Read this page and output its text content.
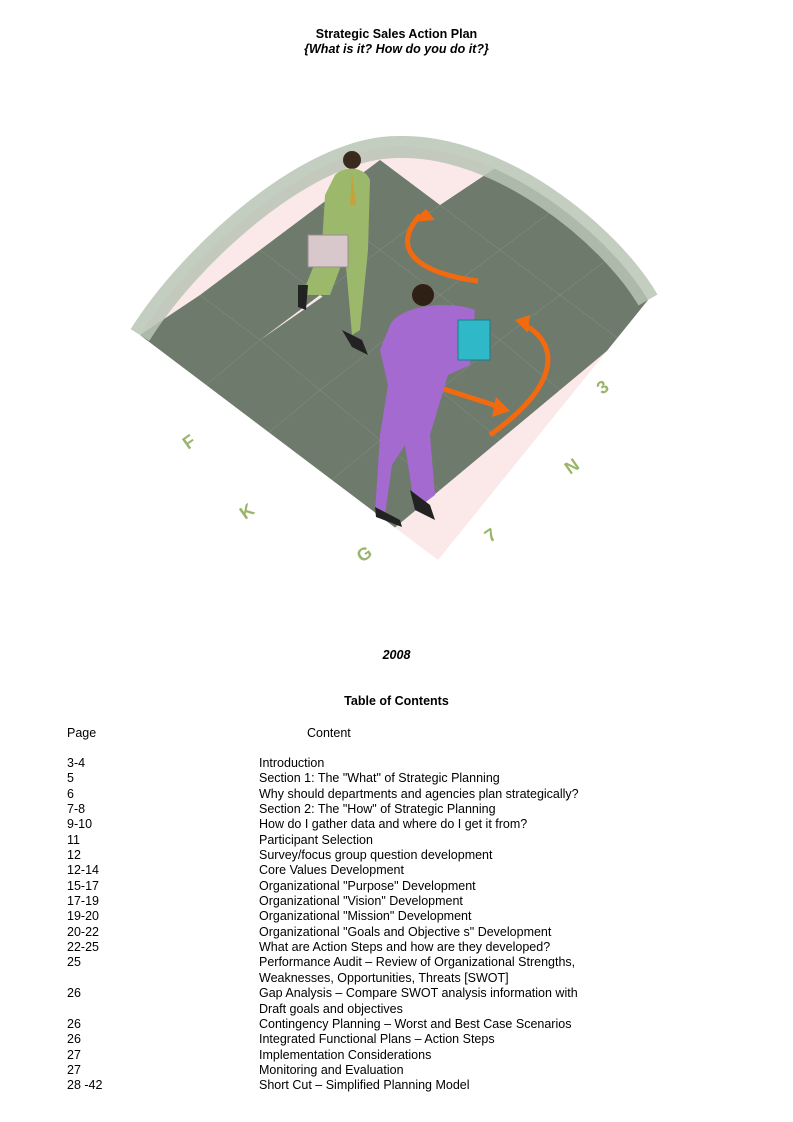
Strategic Sales Action Plan
{What is it? How do you do it?}
F
K
G
7
N
3
2008
Table of Contents
Page	Content
3-4	Introduction
5	Section 1: The "What" of Strategic Planning
6	Why should departments and agencies plan strategically?
7-8	Section 2: The "How" of Strategic Planning
9-10	How do I gather data and where do I get it from?
11	Participant Selection
12	Survey/focus group question development
12-14	Core Values Development
15-17	Organizational "Purpose" Development
17-19	Organizational "Vision" Development
19-20	Organizational "Mission" Development
20-22	Organizational "Goals and Objective s" Development
22-25	What are Action Steps and how are they developed?
25	Performance Audit – Review of Organizational Strengths,
Weaknesses, Opportunities, Threats [SWOT]
26	Gap Analysis – Compare SWOT analysis information with
Draft goals and objectives
26	Contingency Planning – Worst and Best Case Scenarios
26	Integrated Functional Plans – Action Steps
27	Implementation Considerations
27	Monitoring and Evaluation
28 -42	Short Cut – Simplified Planning Model
